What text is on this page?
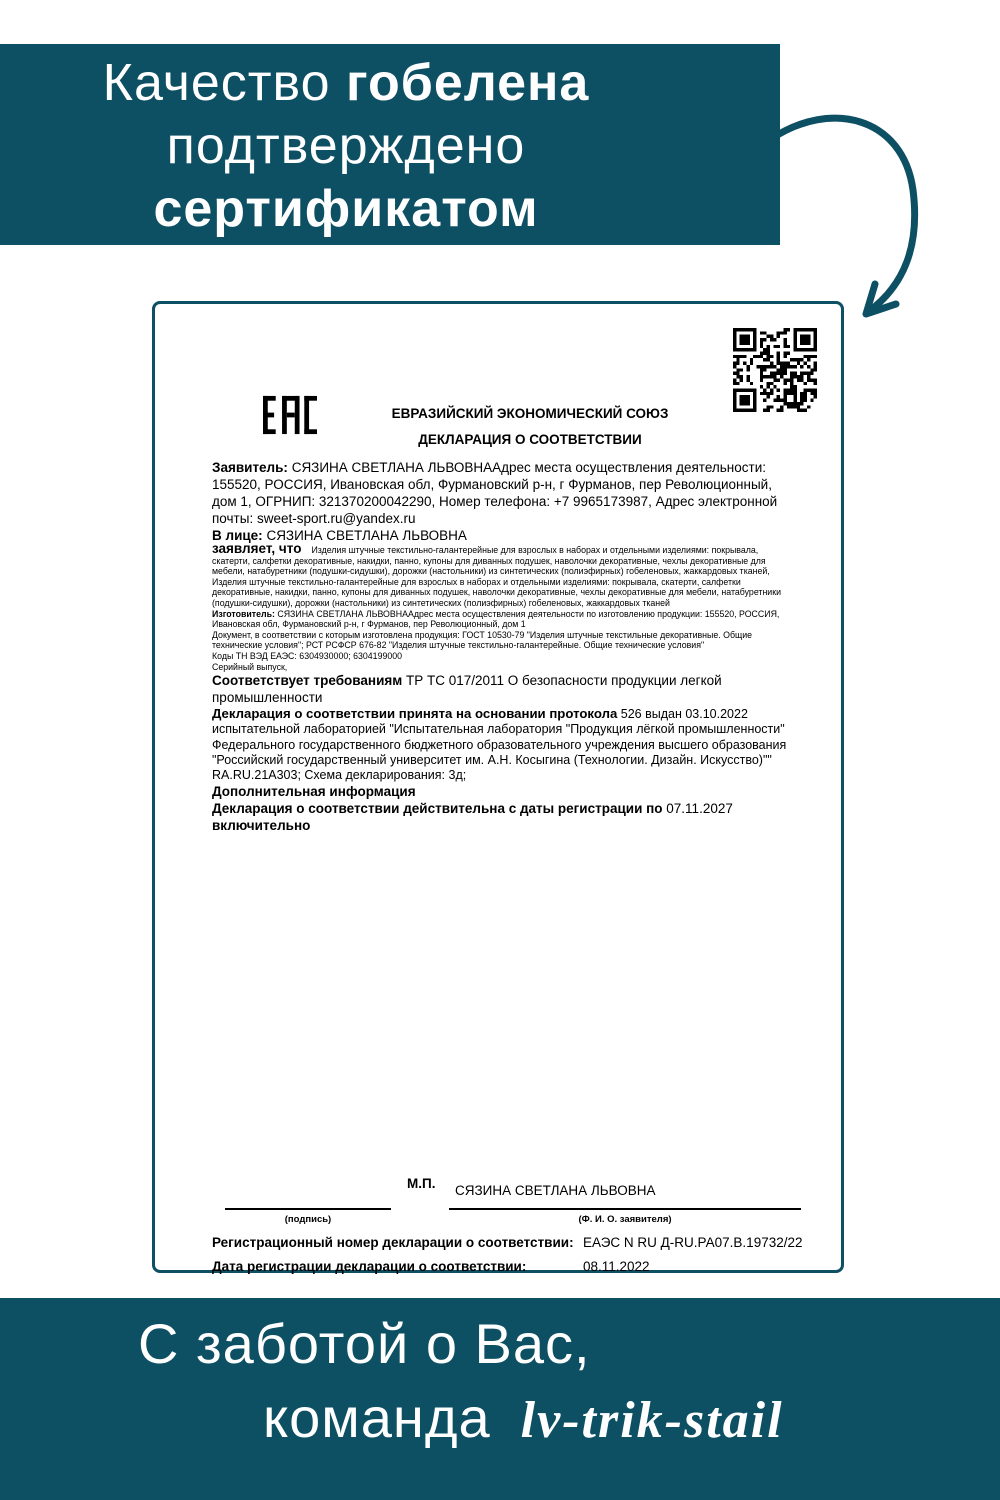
Качество гобелена
подтверждено
сертификатом
ЕВРАЗИЙСКИЙ ЭКОНОМИЧЕСКИЙ СОЮЗ
ДЕКЛАРАЦИЯ О СООТВЕТСТВИИ

Заявитель: СЯЗИНА СВЕТЛАНА ЛЬВОВНААдрес места осуществления деятельности: 155520, РОССИЯ, Ивановская обл, Фурмановский р-н, г Фурманов, пер Революционный, дом 1, ОГРНИП: 321370200042290, Номер телефона: +7 9965173987, Адрес электронной почты: sweet-sport.ru@yandex.ru

В лице: СЯЗИНА СВЕТЛАНА ЛЬВОВНА

заявляет, что Изделия штучные текстильно-галантерейные для взрослых в наборах и отдельными изделиями: покрывала, скатерти, салфетки декоративные, накидки, панно, купоны для диванных подушек, наволочки декоративные, чехлы декоративные для мебели, натабуретники (подушки-сидушки), дорожки (настольники) из синтетических (полиэфирных) гобеленовых, жаккардовых тканей, Изделия штучные текстильно-галантерейные для взрослых в наборах и отдельными изделиями: покрывала, скатерти, салфетки декоративные, накидки, панно, купоны для диванных подушек, наволочки декоративные, чехлы декоративные для мебели, натабуретники (подушки-сидушки), дорожки (настольники) из синтетических (полиэфирных) гобеленовых, жаккардовых тканей

Изготовитель: СЯЗИНА СВЕТЛАНА ЛЬВОВНААдрес места осуществления деятельности по изготовлению продукции: 155520, РОССИЯ, Ивановская обл, Фурмановский р-н, г Фурманов, пер Революционный, дом 1

Документ, в соответствии с которым изготовлена продукция: ГОСТ 10530-79 "Изделия штучные текстильные декоративные. Общие технические условия"; РСТ РСФСР 676-82 "Изделия штучные текстильно-галантерейные. Общие технические условия"

Коды ТН ВЭД ЕАЭС: 6304930000; 6304199000

Серийный выпуск,

Соответствует требованиям ТР ТС 017/2011 О безопасности продукции легкой промышленности

Декларация о соответствии принята на основании протокола 526 выдан 03.10.2022 испытательной лабораторией "Испытательная лаборатория "Продукция лёгкой промышленности" Федерального государственного бюджетного образовательного учреждения высшего образования "Российский государственный университет им. А.Н. Косыгина (Технологии. Дизайн. Искусство)"" RA.RU.21А303; Схема декларирования: 3д;

Дополнительная информация

Декларация о соответствии действительна с даты регистрации по 07.11.2027
включительно

М.П. СЯЗИНА СВЕТЛАНА ЛЬВОВНА
(подпись)	(Ф. И. О. заявителя)
Регистрационный номер декларации о соответствии: ЕАЭС N RU Д-RU.РА07.В.19732/22
Дата регистрации декларации о соответствии:	08.11.2022
С заботой о Вас,
команда lv-trik-stail
